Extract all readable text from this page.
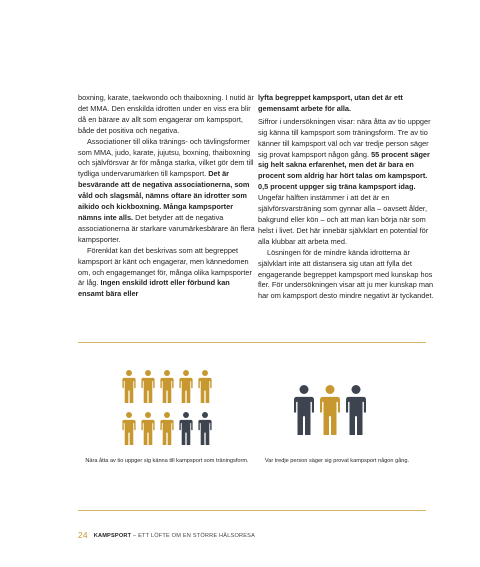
boxning, karate, taekwondo och thaiboxning. I nutid är det MMA. Den enskilda idrotten under en viss era blir då en bärare av allt som engagerar om kampsport, både det positiva och negativa.

Associationer till olika tränings- och tävlingsformer som MMA, judo, karate, jujutsu, boxning, thaiboxning och självförsvar är för många starka, vilket gör dem till tydliga undervarumärken till kampsport. Det är besvärande att de negativa associationerna, som våld och slagsmål, nämns oftare än idrotter som aikido och kickboxning. Många kampsporter nämns inte alls. Det betyder att de negativa associationerna är starkare varumärkesbärare än flera kampsporter.

Förenklat kan det beskrivas som att begreppet kampsport är känt och engagerar, men kännedomen om, och engagemanget för, många olika kampsporter är låg. Ingen enskild idrott eller förbund kan ensamt bära eller

lyfta begreppet kampsport, utan det är ett gemensamt arbete för alla.

Siffror i undersökningen visar: nära åtta av tio uppger sig känna till kampsport som träningsform. Tre av tio känner till kampsport väl och var tredje person säger sig provat kampsport någon gång. 55 procent säger sig helt sakna erfarenhet, men det är bara en procent som aldrig har hört talas om kampsport. 0,5 procent uppger sig träna kampsport idag. Ungefär hälften instämmer i att det är en självförsvarsträning som gynnar alla – oavsett ålder, bakgrund eller kön – och att man kan börja när som helst i livet. Det här innebär självklart en potential för alla klubbar att arbeta med.

Lösningen för de mindre kända idrotterna är självklart inte att distansera sig utan att fylla det engagerande begreppet kampsport med kunskap hos fler. För undersökningen visar att ju mer kunskap man har om kampsport desto mindre negativt är tyckandet.

Nära åtta av tio uppger sig känna till kampsport som träningsform.	Var tredje person säger sig provat kampsport någon gång.
24 KAMPSPORT – ETT LÖFTE OM EN STÖRRE HÄLSORESA
